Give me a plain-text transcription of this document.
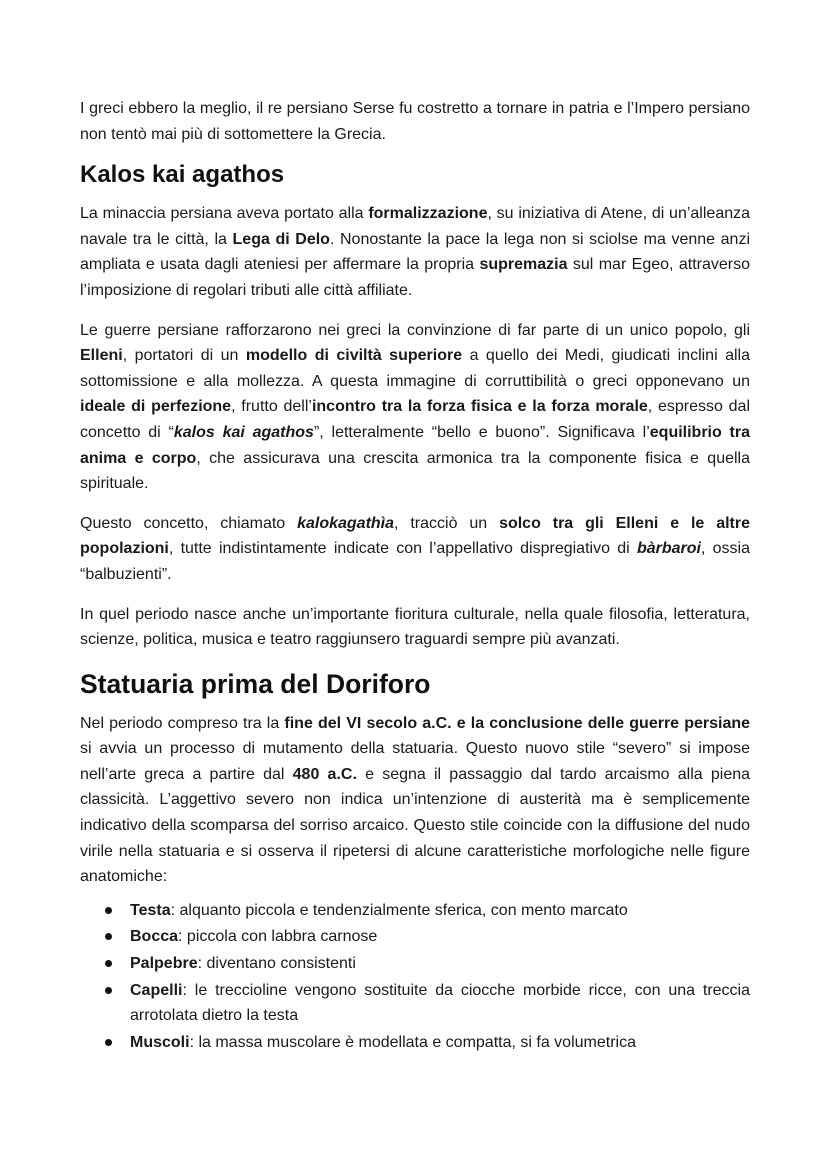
I greci ebbero la meglio, il re persiano Serse fu costretto a tornare in patria e l’Impero persiano non tentò mai più di sottomettere la Grecia.

Kalos kai agathos

La minaccia persiana aveva portato alla formalizzazione, su iniziativa di Atene, di un’alleanza navale tra le città, la Lega di Delo. Nonostante la pace la lega non si sciolse ma venne anzi ampliata e usata dagli ateniesi per affermare la propria supremazia sul mar Egeo, attraverso l’imposizione di regolari tributi alle città affiliate.

Le guerre persiane rafforzarono nei greci la convinzione di far parte di un unico popolo, gli Elleni, portatori di un modello di civiltà superiore a quello dei Medi, giudicati inclini alla sottomissione e alla mollezza. A questa immagine di corruttibilità o greci opponevano un ideale di perfezione, frutto dell’incontro tra la forza fisica e la forza morale, espresso dal concetto di “kalos kai agathos”, letteralmente “bello e buono”. Significava l’equilibrio tra anima e corpo, che assicurava una crescita armonica tra la componente fisica e quella spirituale.

Questo concetto, chiamato kalokagathìa, tracciò un solco tra gli Elleni e le altre popolazioni, tutte indistintamente indicate con l’appellativo dispregiativo di bàrbaroi, ossia “balbuzienti”.

In quel periodo nasce anche un’importante fioritura culturale, nella quale filosofia, letteratura, scienze, politica, musica e teatro raggiunsero traguardi sempre più avanzati.

Statuaria prima del Doriforo

Nel periodo compreso tra la fine del VI secolo a.C. e la conclusione delle guerre persiane si avvia un processo di mutamento della statuaria. Questo nuovo stile “severo” si impose nell’arte greca a partire dal 480 a.C. e segna il passaggio dal tardo arcaismo alla piena classicità. L’aggettivo severo non indica un’intenzione di austerità ma è semplicemente indicativo della scomparsa del sorriso arcaico. Questo stile coincide con la diffusione del nudo virile nella statuaria e si osserva il ripetersi di alcune caratteristiche morfologiche nelle figure anatomiche:

Testa: alquanto piccola e tendenzialmente sferica, con mento marcato
Bocca: piccola con labbra carnose
Palpebre: diventano consistenti
Capelli: le treccioline vengono sostituite da ciocche morbide ricce, con una treccia arrotolata dietro la testa
Muscoli: la massa muscolare è modellata e compatta, si fa volumetrica
